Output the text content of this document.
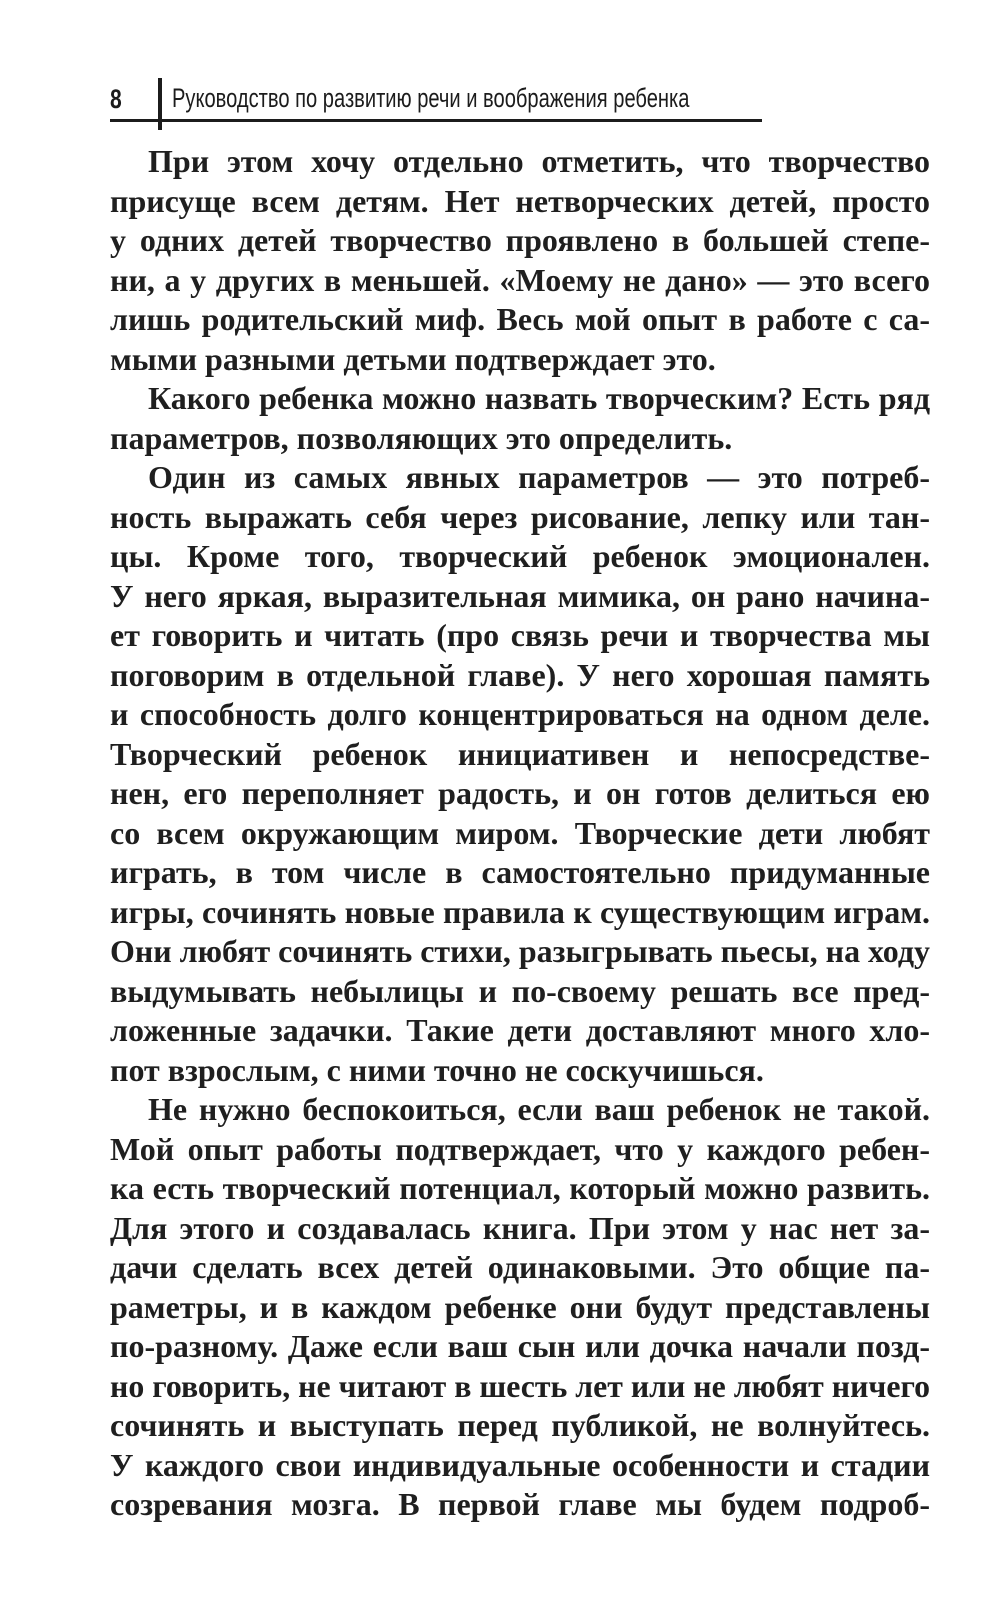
8 Руководство по развитию речи и воображения ребенка
При этом хочу отдельно отметить, что творчество
присуще всем детям. Нет нетворческих детей, просто
у одних детей творчество проявлено в большей степе-
ни, а у других в меньшей. «Моему не дано» — это всего
лишь родительский миф. Весь мой опыт в работе с са-
мыми разными детьми подтверждает это.
Какого ребенка можно назвать творческим? Есть ряд
параметров, позволяющих это определить.
Один из самых явных параметров — это потреб-
ность выражать себя через рисование, лепку или тан-
цы. Кроме того, творческий ребенок эмоционален.
У него яркая, выразительная мимика, он рано начина-
ет говорить и читать (про связь речи и творчества мы
поговорим в отдельной главе). У него хорошая память
и способность долго концентрироваться на одном деле.
Творческий ребенок инициативен и непосредстве-
нен, его переполняет радость, и он готов делиться ею
со всем окружающим миром. Творческие дети любят
играть, в том числе в самостоятельно придуманные
игры, сочинять новые правила к существующим играм.
Они любят сочинять стихи, разыгрывать пьесы, на ходу
выдумывать небылицы и по-своему решать все пред-
ложенные задачки. Такие дети доставляют много хло-
пот взрослым, с ними точно не соскучишься.
Не нужно беспокоиться, если ваш ребенок не такой.
Мой опыт работы подтверждает, что у каждого ребен-
ка есть творческий потенциал, который можно развить.
Для этого и создавалась книга. При этом у нас нет за-
дачи сделать всех детей одинаковыми. Это общие па-
раметры, и в каждом ребенке они будут представлены
по-разному. Даже если ваш сын или дочка начали позд-
но говорить, не читают в шесть лет или не любят ничего
сочинять и выступать перед публикой, не волнуйтесь.
У каждого свои индивидуальные особенности и стадии
созревания мозга. В первой главе мы будем подроб-
